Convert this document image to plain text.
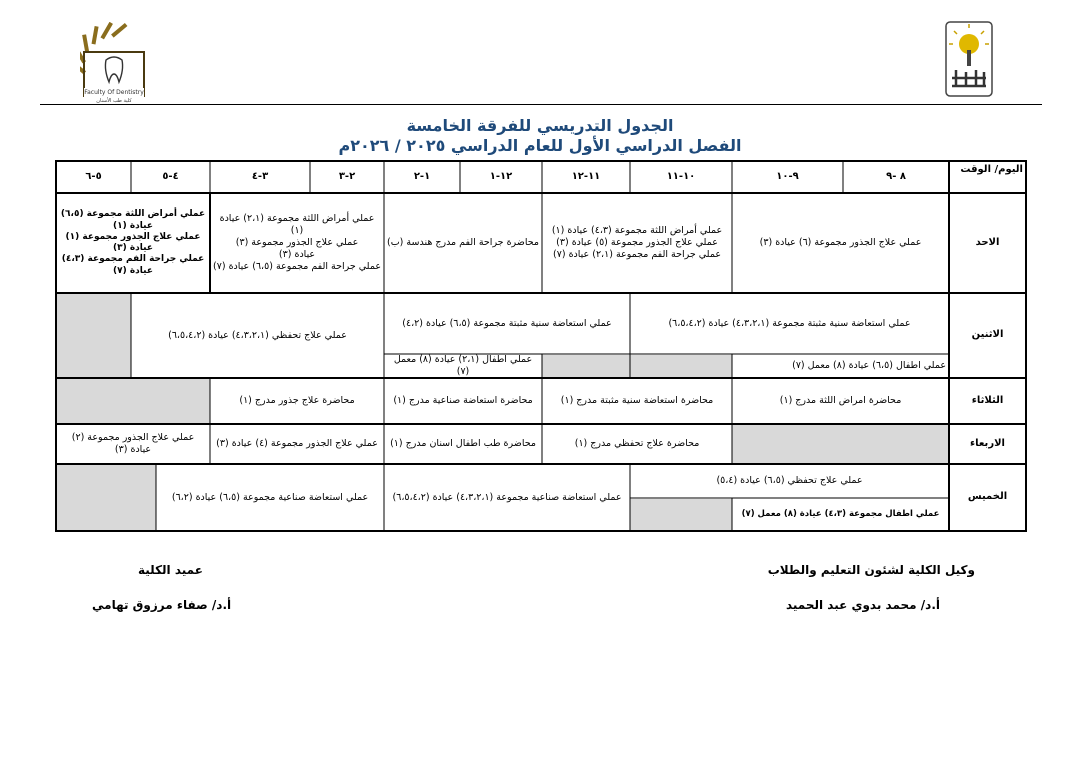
Faculty Of Dentistry
كلية طب الأسنان
الجدول التدريسي للفرقة الخامسة
الفصل الدراسي الأول للعام الدراسي ٢٠٢٥ / ٢٠٢٦م
اليوم/ الوقت
٨ -٩
٩-١٠
١٠-١١
١١-١٢
١٢-١
١-٢
٢-٣
٣-٤
٤-٥
٥-٦
الاحد
الاثنين
الثلاثاء
الاربعاء
الخميس
عملي علاج الجذور مجموعة (٦) عيادة (٣)
عملي أمراض اللثة مجموعة (٤،٣) عيادة (١)
عملي علاج الجذور مجموعة (٥) عيادة (٣)
عملي جراحة الفم مجموعة (٢،١) عيادة (٧)
محاضرة جراحة الفم مدرج هندسة (ب)
عملي أمراض اللثة مجموعة (٢،١) عيادة (١)
عملي علاج الجذور مجموعة (٣)
عيادة (٣)
عملي جراحة الفم مجموعة (٦،٥) عيادة (٧)
عملي أمراض اللثة مجموعة (٦،٥)
عيادة (١)
عملي علاج الجذور مجموعة (١)
عيادة (٣)
عملي جراحة الفم مجموعة (٤،٣)
عيادة (٧)
عملي استعاضة سنية مثبتة مجموعة (٤،٣،٢،١) عيادة (٦،٥،٤،٢)
عملي استعاضة سنية مثبتة مجموعة (٦،٥) عيادة (٤،٢)
عملي علاج تحفظي (٤،٣،٢،١) عيادة (٦،٥،٤،٢)
عملي اطفال (٦،٥) عيادة (٨) معمل (٧)
عملي اطفال (٢،١) عيادة (٨) معمل (٧)
محاضرة امراض اللثة مدرج (١)
محاضرة استعاضة سنية مثبتة مدرج (١)
محاضرة استعاضة صناعية مدرج (١)
محاضرة علاج جذور مدرج (١)
محاضرة علاج تحفظي مدرج (١)
محاضرة طب اطفال اسنان مدرج (١)
عملي علاج الجذور مجموعة (٤) عيادة (٣)
عملي علاج الجذور مجموعة (٢)
عيادة (٣)
عملي علاج تحفظي (٦،٥) عيادة (٥،٤)
عملي اطفال مجموعة (٤،٣) عيادة (٨) معمل (٧)
عملي استعاضة صناعية مجموعة (٤،٣،٢،١) عيادة (٦،٥،٤،٢)
عملي استعاضة صناعية مجموعة (٦،٥) عيادة (٦،٢)
وكيل الكلية لشئون التعليم والطلاب
أ.د/ محمد بدوي عبد الحميد
عميد الكلية
أ.د/ صفاء مرزوق تهامي
